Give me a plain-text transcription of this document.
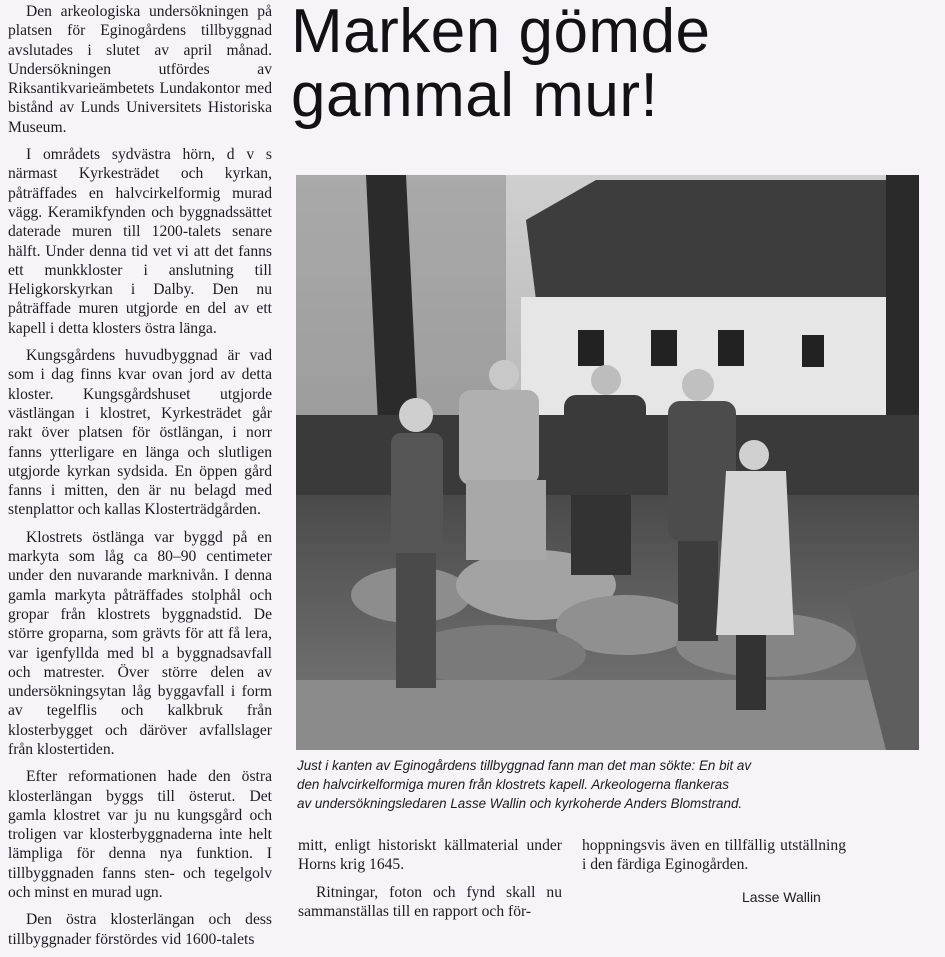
Den arkeologiska undersökningen på platsen för Eginogårdens tillbyggnad avslutades i slutet av april månad. Undersökningen utfördes av Riksantikvarieämbetets Lundakontor med bistånd av Lunds Universitets Historiska Museum.

I områdets sydvästra hörn, d v s närmast Kyrkesträdet och kyrkan, påträffades en halvcirkelformig murad vägg. Keramikfynden och byggnadssättet daterade muren till 1200-talets senare hälft. Under denna tid vet vi att det fanns ett munkkloster i anslutning till Heligkorskyrkan i Dalby. Den nu påträffade muren utgjorde en del av ett kapell i detta klosters östra länga.

Kungsgårdens huvudbyggnad är vad som i dag finns kvar ovan jord av detta kloster. Kungsgårdshuset utgjorde västlängan i klostret, Kyrkesträdet går rakt över platsen för östlängan, i norr fanns ytterligare en länga och slutligen utgjorde kyrkan sydsida. En öppen gård fanns i mitten, den är nu belagd med stenplattor och kallas Klosterträdgården.

Klostrets östlänga var byggd på en markyta som låg ca 80–90 centimeter under den nuvarande marknivån. I denna gamla markyta påträffades stolphål och gropar från klostrets byggnadstid. De större groparna, som grävts för att få lera, var igenfyllda med bl a byggnadsavfall och matrester. Över större delen av undersökningsytan låg byggavfall i form av tegelflis och kalkbruk från klosterbygget och däröver avfallslager från klostertiden.

Efter reformationen hade den östra klosterlängan byggs till österut. Det gamla klostret var ju nu kungsgård och troligen var klosterbyggnaderna inte helt lämpliga för denna nya funktion. I tillbyggnaden fanns sten- och tegelgolv och minst en murad ugn.

Den östra klosterlängan och dess tillbyggnader förstördes vid 1600-talets

Marken gömde
gammal mur!

Just i kanten av Eginogårdens tillbyggnad fann man det man sökte: En bit av
den halvcirkelformiga muren från klostrets kapell. Arkeologerna flankeras
av undersökningsledaren Lasse Wallin och kyrkoherde Anders Blomstrand.

mitt, enligt historiskt källmaterial under Horns krig 1645.

Ritningar, foton och fynd skall nu sammanställas till en rapport och för-

hoppningsvis även en tillfällig utställning i den färdiga Eginogården.

Lasse Wallin
